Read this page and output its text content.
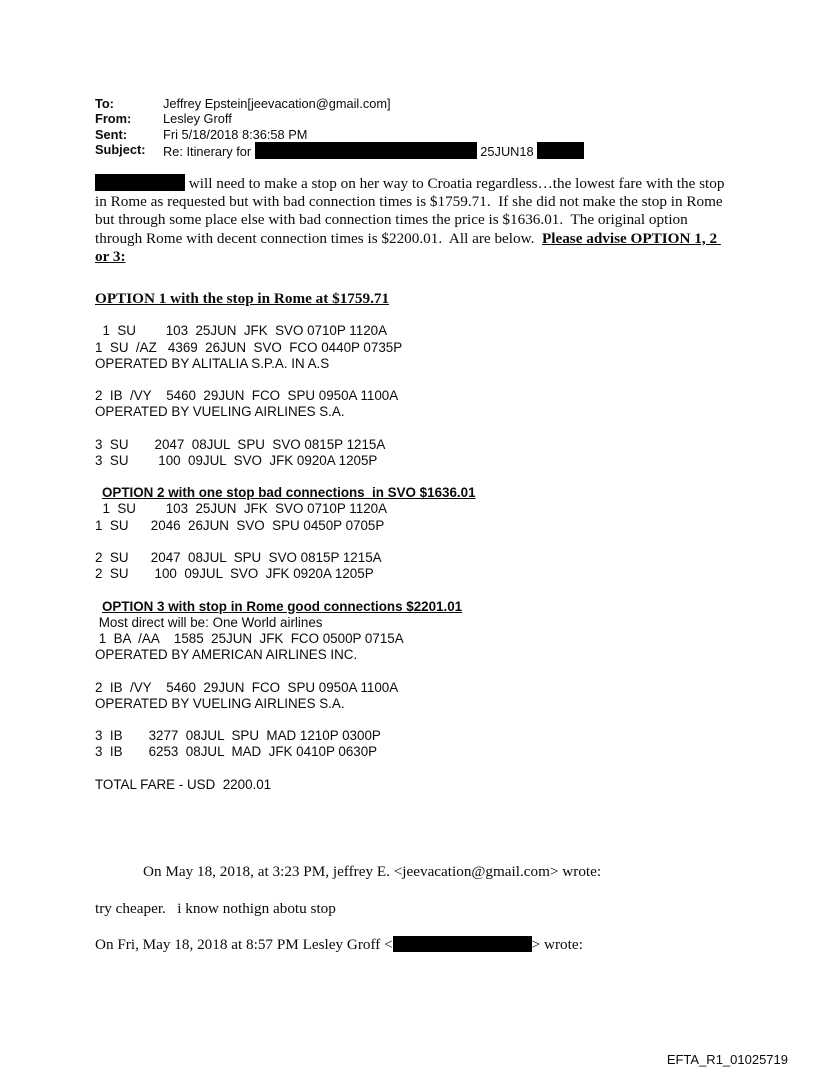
To:	Jeffrey Epstein[jeevacation@gmail.com]
From:	Lesley Groff
Sent:	Fri 5/18/2018 8:36:58 PM
Subject:	Re: Itinerary for	25JUN18
will need to make a stop on her way to Croatia regardless…the lowest fare with the stop in Rome as requested but with bad connection times is $1759.71.  If she did not make the stop in Rome but through some place else with bad connection times the price is $1636.01.  The original option through Rome with decent connection times is $2200.01.  All are below.  Please advise OPTION 1, 2 or 3:
OPTION 1 with the stop in Rome at $1759.71
1  SU        103  25JUN  JFK  SVO 0710P 1120A
1  SU  /AZ   4369  26JUN  SVO  FCO 0440P 0735P
OPERATED BY ALITALIA S.P.A. IN A.S
2  IB  /VY    5460  29JUN  FCO  SPU 0950A 1100A
OPERATED BY VUELING AIRLINES S.A.
3  SU       2047  08JUL  SPU  SVO 0815P 1215A
3  SU        100  09JUL  SVO  JFK 0920A 1205P
OPTION 2 with one stop bad connections  in SVO $1636.01
1  SU        103  25JUN  JFK  SVO 0710P 1120A
1  SU      2046  26JUN  SVO  SPU 0450P 0705P
2  SU      2047  08JUL  SPU  SVO 0815P 1215A
2  SU       100  09JUL  SVO  JFK 0920A 1205P
OPTION 3 with stop in Rome good connections $2201.01
Most direct will be: One World airlines
1  BA  /AA    1585  25JUN  JFK  FCO 0500P 0715A
OPERATED BY AMERICAN AIRLINES INC.
2  IB  /VY    5460  29JUN  FCO  SPU 0950A 1100A
OPERATED BY VUELING AIRLINES S.A.
3  IB       3277  08JUL  SPU  MAD 1210P 0300P
3  IB       6253  08JUL  MAD  JFK 0410P 0630P
TOTAL FARE - USD  2200.01
On May 18, 2018, at 3:23 PM, jeffrey E. <jeevacation@gmail.com> wrote:
try cheaper.   i know nothign abotu stop
On Fri, May 18, 2018 at 8:57 PM Lesley Groff <	> wrote:
EFTA_R1_01025719
